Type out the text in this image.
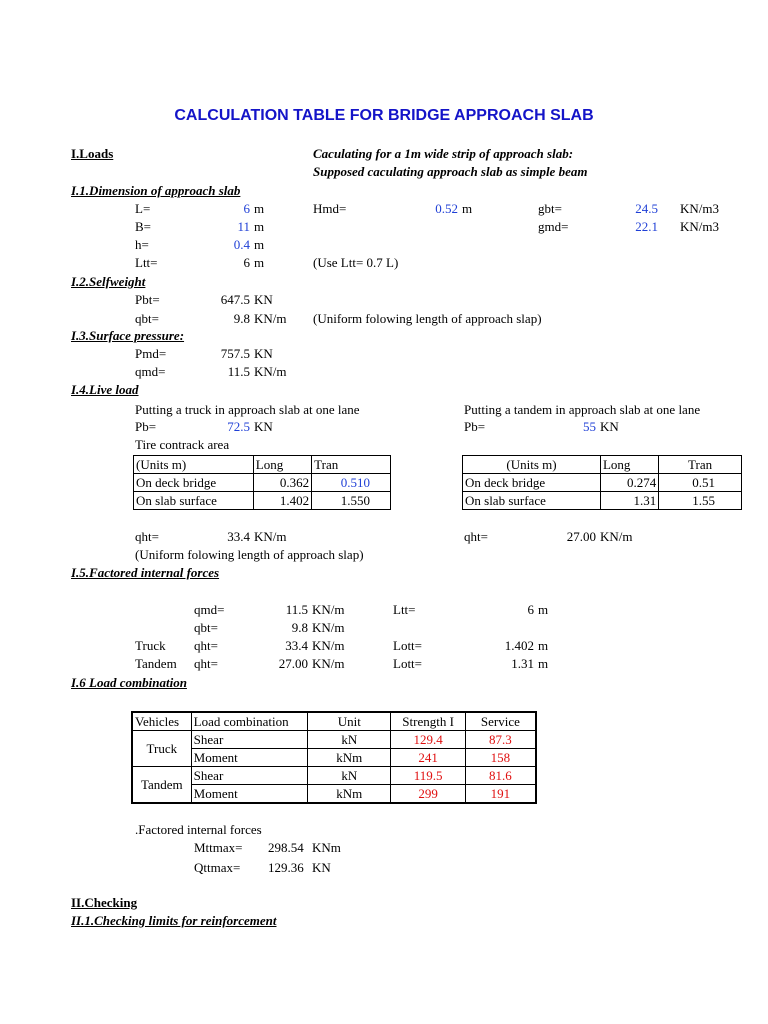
CALCULATION TABLE FOR BRIDGE APPROACH SLAB
I.Loads	Caculating for a 1m wide strip of approach slab:
Supposed caculating approach slab as simple beam
I.1.Dimension of approach slab
L=	6 m	Hmd=	0.52 m	gbt=	24.5 KN/m3
B=	11 m	gmd=	22.1 KN/m3
h=	0.4 m
Ltt=	6 m	(Use Ltt= 0.7 L)
I.2.Selfweight
Pbt=	647.5 KN
qbt=	9.8 KN/m (Uniform folowing length of approach slap)
I.3.Surface pressure:
Pmd=	757.5 KN
qmd=	11.5 KN/m
I.4.Live load
Putting a truck in approach slab at one lane	Putting a tandem in approach slab at one lane
Pb=	72.5 KN	Pb=	55 KN
Tire contrack area
(Units m)	Long	Tran
On deck bridge	0.362	0.510
On slab surface	1.402	1.550
(Units m)	Long	Tran
On deck bridge	0.274	0.51
On slab surface	1.31	1.55
qht=	33.4 KN/m	qht=	27.00 KN/m
(Uniform folowing length of approach slap)
I.5.Factored internal forces
qmd=	11.5 KN/m	Ltt=	6 m
qbt=	9.8 KN/m
Truck qht=	33.4 KN/m	Lott=	1.402 m
Tandem qht=	27.00 KN/m	Lott=	1.31 m
I.6 Load combination
Vehicles	Load combination	Unit	Strength I	Service
Truck	Shear	kN	129.4	87.3
	Moment	kNm	241	158
Tandem	Shear	kN	119.5	81.6
	Moment	kNm	299	191
.Factored internal forces
Mttmax= 298.54 KNm
Qttmax= 129.36 KN
II.Checking
II.1.Checking limits for reinforcement
